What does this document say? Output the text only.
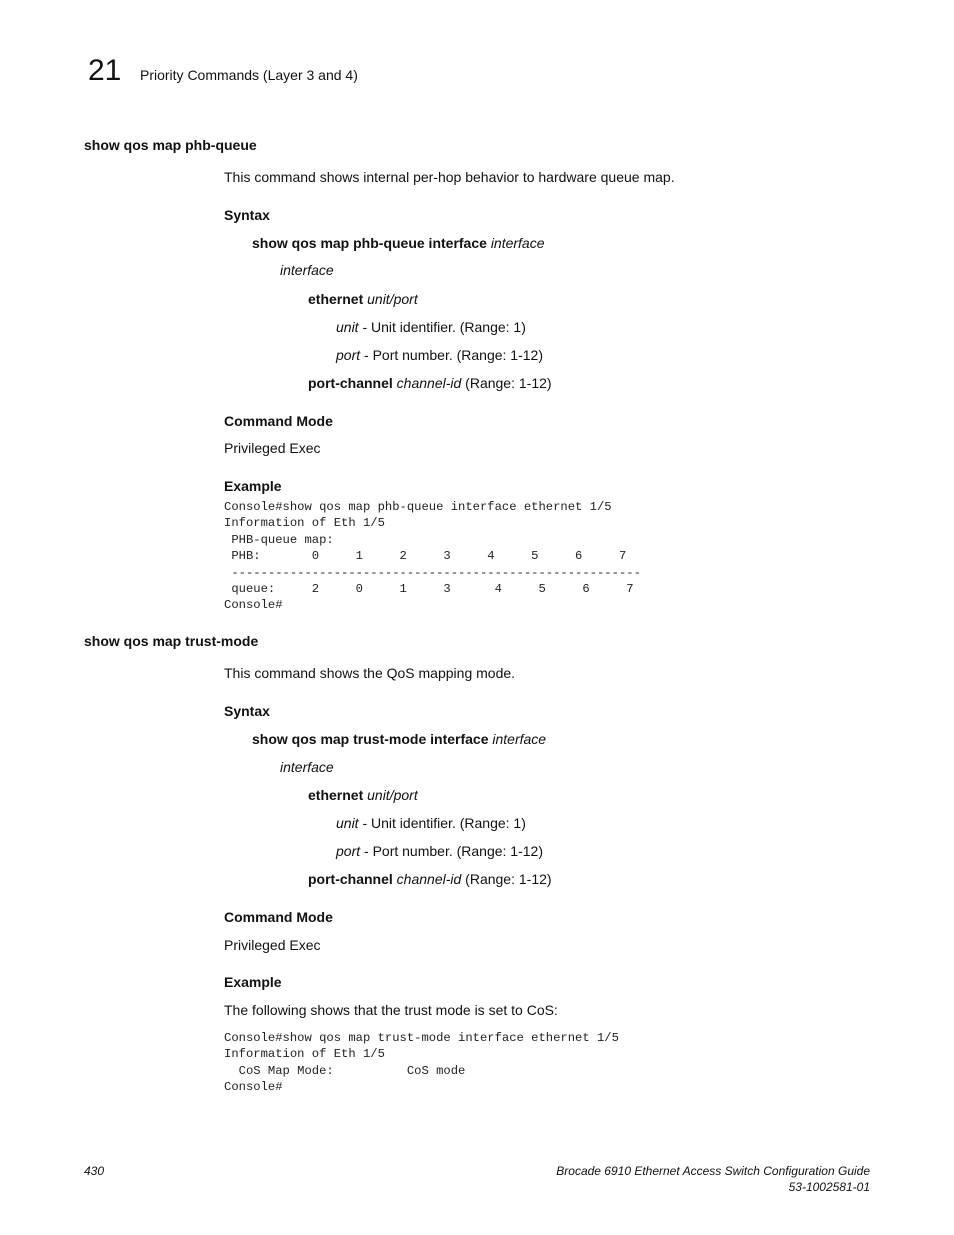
21 Priority Commands (Layer 3 and 4)
show qos map phb-queue
This command shows internal per-hop behavior to hardware queue map.
Syntax
show qos map phb-queue interface interface
interface
ethernet unit/port
unit - Unit identifier. (Range: 1)
port - Port number. (Range: 1-12)
port-channel channel-id (Range: 1-12)
Command Mode
Privileged Exec
Example
Console#show qos map phb-queue interface ethernet 1/5
Information of Eth 1/5
PHB-queue map:
PHB:       0     1     2     3     4     5     6     7
--------------------------------------------------------
queue:     2     0     1     3      4     5     6     7
Console#
show qos map trust-mode
This command shows the QoS mapping mode.
Syntax
show qos map trust-mode interface interface
interface
ethernet unit/port
unit - Unit identifier. (Range: 1)
port - Port number. (Range: 1-12)
port-channel channel-id (Range: 1-12)
Command Mode
Privileged Exec
Example
The following shows that the trust mode is set to CoS:
Console#show qos map trust-mode interface ethernet 1/5
Information of Eth 1/5
CoS Map Mode:          CoS mode
Console#
430	Brocade 6910 Ethernet Access Switch Configuration Guide
53-1002581-01
